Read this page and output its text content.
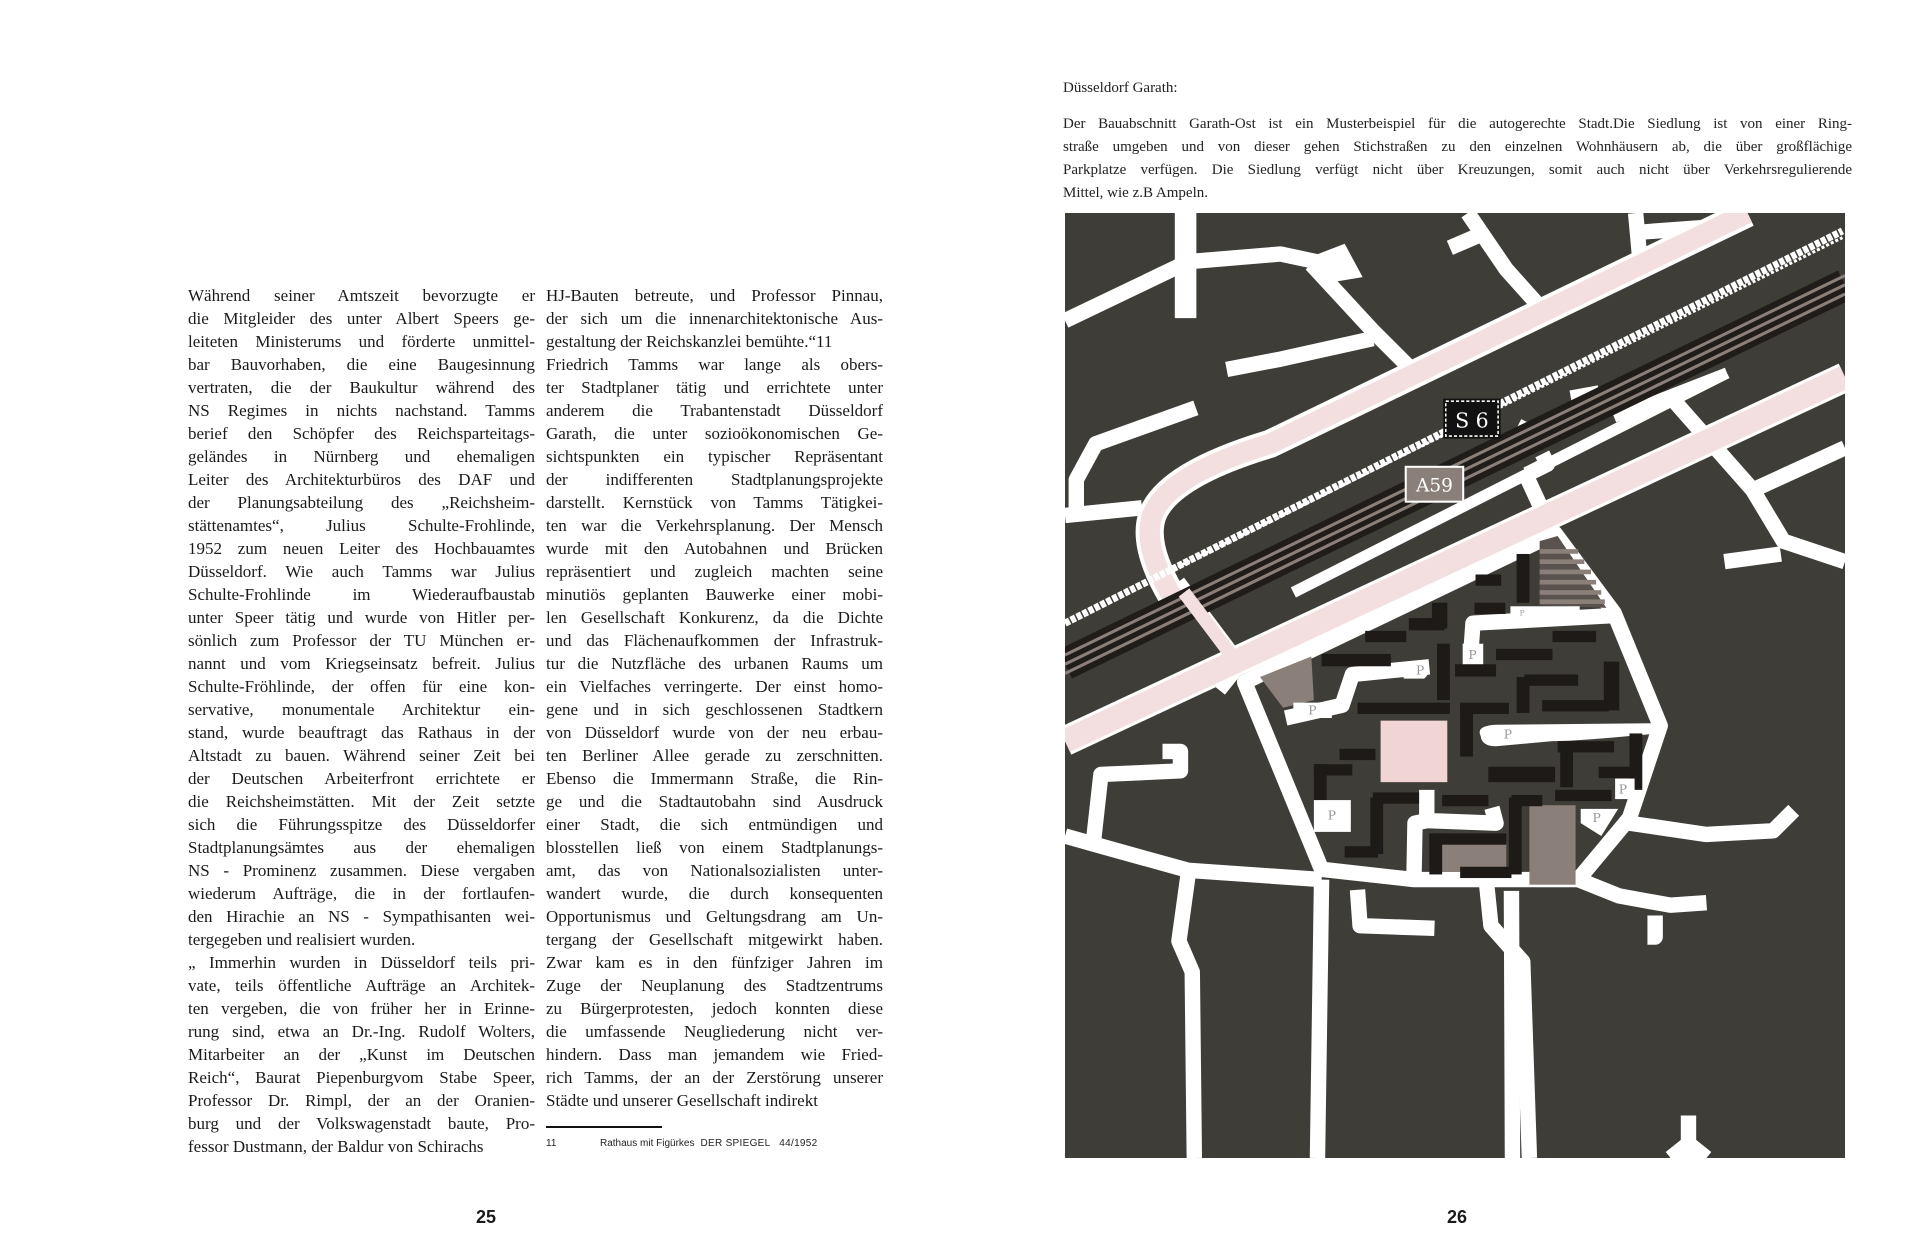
Während seiner Amtszeit bevorzugte er
die Mitgleider des unter Albert Speers ge-
leiteten Ministerums und förderte unmittel-
bar Bauvorhaben, die eine Baugesinnung
vertraten, die der Baukultur während des
NS Regimes in nichts nachstand. Tamms
berief den Schöpfer des Reichsparteitags-
geländes in Nürnberg und ehemaligen
Leiter des Architekturbüros des DAF und
der Planungsabteilung des „Reichsheim-
stättenamtes“, Julius Schulte-Frohlinde,
1952 zum neuen Leiter des Hochbauamtes
Düsseldorf. Wie auch Tamms war Julius
Schulte-Frohlinde im Wiederaufbaustab
unter Speer tätig und wurde von Hitler per-
sönlich zum Professor der TU München er-
nannt und vom Kriegseinsatz befreit. Julius
Schulte-Fröhlinde, der offen für eine kon-
servative, monumentale Architektur ein-
stand, wurde beauftragt das Rathaus in der
Altstadt zu bauen. Während seiner Zeit bei
der Deutschen Arbeiterfront errichtete er
die Reichsheimstätten. Mit der Zeit setzte
sich die Führungsspitze des Düsseldorfer
Stadtplanungsämtes aus der ehemaligen
NS - Prominenz zusammen. Diese vergaben
wiederum Aufträge, die in der fortlaufen-
den Hirachie an NS - Sympathisanten wei-
tergegeben und realisiert wurden.
„ Immerhin wurden in Düsseldorf teils pri-
vate, teils öffentliche Aufträge an Architek-
ten vergeben, die von früher her in Erinne-
rung sind, etwa an Dr.-Ing. Rudolf Wolters,
Mitarbeiter an der „Kunst im Deutschen
Reich“, Baurat Piepenburgvom Stabe Speer,
Professor Dr. Rimpl, der an der Oranien-
burg und der Volkswagenstadt baute, Pro-
fessor Dustmann, der Baldur von Schirachs
HJ-Bauten betreute, und Professor Pinnau,
der sich um die innenarchitektonische Aus-
gestaltung der Reichskanzlei bemühte.“11
Friedrich Tamms war lange als obers-
ter Stadtplaner tätig und errichtete unter
anderem die Trabantenstadt Düsseldorf
Garath, die unter sozioökonomischen Ge-
sichtspunkten ein typischer Repräsentant
der indifferenten Stadtplanungsprojekte
darstellt. Kernstück von Tamms Tätigkei-
ten war die Verkehrsplanung. Der Mensch
wurde mit den Autobahnen und Brücken
repräsentiert und zugleich machten seine
minutiös geplanten Bauwerke einer mobi-
len Gesellschaft Konkurenz, da die Dichte
und das Flächenaufkommen der Infrastruk-
tur die Nutzfläche des urbanen Raums um
ein Vielfaches verringerte. Der einst homo-
gene und in sich geschlossenen Stadtkern
von Düsseldorf wurde von der neu erbau-
ten Berliner Allee gerade zu zerschnitten.
Ebenso die Immermann Straße, die Rin-
ge und die Stadtautobahn sind Ausdruck
einer Stadt, die sich entmündigen und
blosstellen ließ von einem Stadtplanungs-
amt, das von Nationalsozialisten unter-
wandert wurde, die durch konsequenten
Opportunismus und Geltungsdrang am Un-
tergang der Gesellschaft mitgewirkt haben.
Zwar kam es in den fünfziger Jahren im
Zuge der Neuplanung des Stadtzentrums
zu Bürgerprotesten, jedoch konnten diese
die umfassende Neugliederung nicht ver-
hindern. Dass man jemandem wie Fried-
rich Tamms, der an der Zerstörung unserer
Städte und unserer Gesellschaft indirekt
11	Rathaus mit Figürkes DER SPIEGEL 44/1952
25	26
Düsseldorf Garath:
Der Bauabschnitt Garath-Ost ist ein Musterbeispiel für die autogerechte Stadt.Die Siedlung ist von einer Ring-
straße umgeben und von dieser gehen Stichstraßen zu den einzelnen Wohnhäusern ab, die über großflächige
Parkplatze verfügen. Die Siedlung verfügt nicht über Kreuzungen, somit auch nicht über Verkehrsregulierende
Mittel, wie z.B Ampeln.
P
P
P
P
P
P
P
P
S 6
A59
